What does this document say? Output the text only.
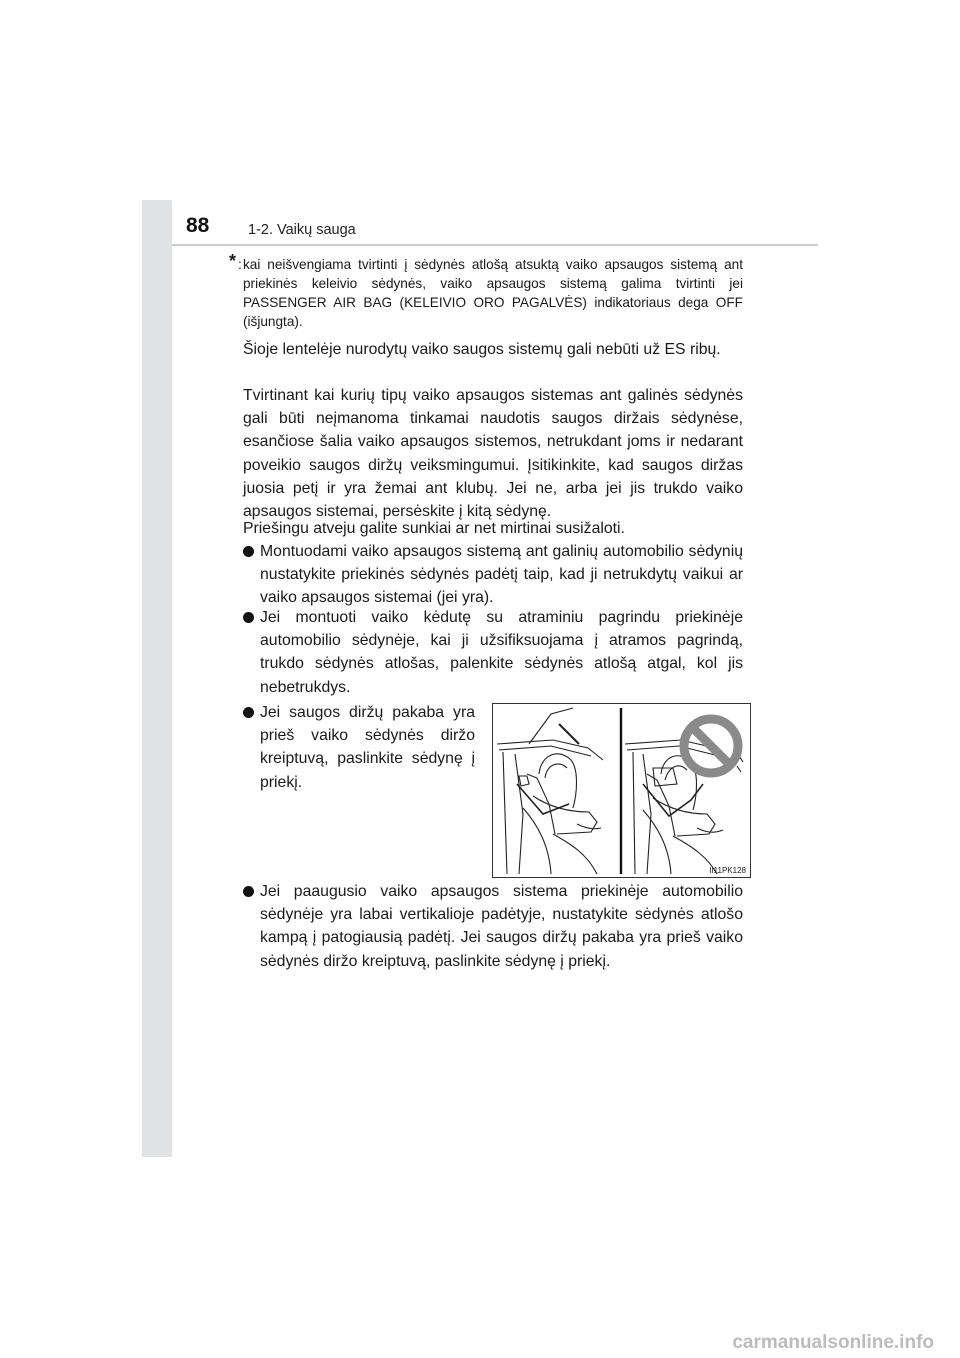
88	1-2. Vaikų sauga
* : kai neišvengiama tvirtinti į sėdynės atlošą atsuktą vaiko apsaugos sistemą ant priekinės keleivio sėdynės, vaiko apsaugos sistemą galima tvirtinti jei PASSENGER AIR BAG (KELEIVIO ORO PAGALVĖS) indikatoriaus dega OFF (išjungta).
Šioje lentelėje nurodytų vaiko saugos sistemų gali nebūti už ES ribų.
Tvirtinant kai kurių tipų vaiko apsaugos sistemas ant galinės sėdynės gali būti neįmanoma tinkamai naudotis saugos diržais sėdynėse, esančiose šalia vaiko apsaugos sistemos, netrukdant joms ir nedarant poveikio saugos diržų veiksmingumui. Įsitikinkite, kad saugos diržas juosia petį ir yra žemai ant klubų. Jei ne, arba jei jis trukdo vaiko apsaugos sistemai, persėskite į kitą sėdynę.
Priešingu atveju galite sunkiai ar net mirtinai susižaloti.
Montuodami vaiko apsaugos sistemą ant galinių automobilio sėdynių nustatykite priekinės sėdynės padėtį taip, kad ji netrukdytų vaikui ar vaiko apsaugos sistemai (jei yra).
Jei montuoti vaiko kėdutę su atraminiu pagrindu priekinėje automobilio sėdynėje, kai ji užsifiksuojama į atramos pagrindą, trukdo sėdynės atlošas, palenkite sėdynės atlošą atgal, kol jis nebetrukdys.
Jei saugos diržų pakaba yra prieš vaiko sėdynės diržo kreiptuvą, paslinkite sėdynę į priekį.
II11PK128
Jei paaugusio vaiko apsaugos sistema priekinėje automobilio sėdynėje yra labai vertikalioje padėtyje, nustatykite sėdynės atlošo kampą į patogiausią padėtį. Jei saugos diržų pakaba yra prieš vaiko sėdynės diržo kreiptuvą, paslinkite sėdynę į priekį.
carmanualsonline.info
